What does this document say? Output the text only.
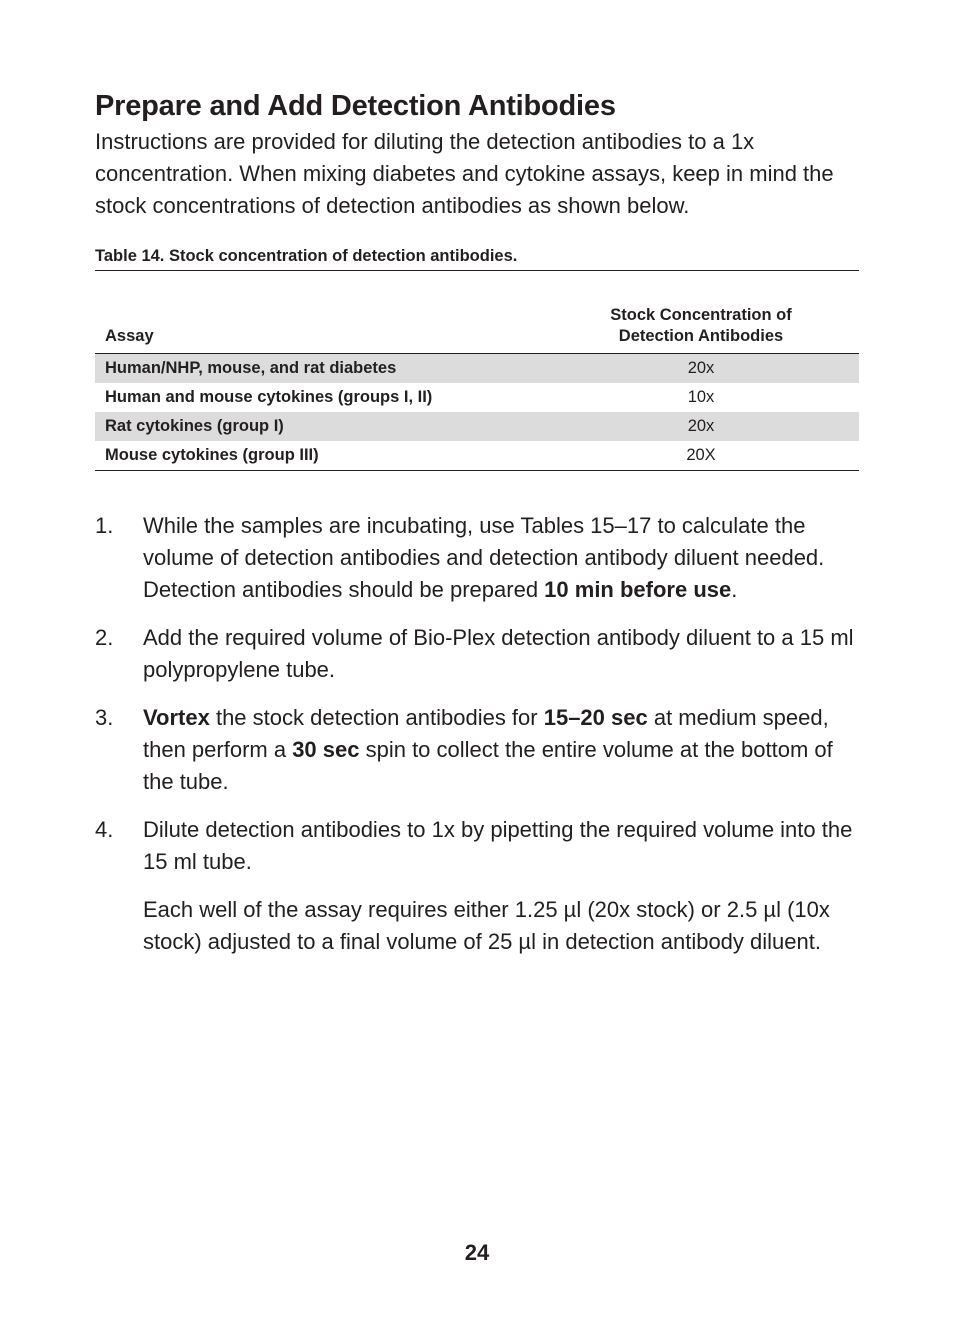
Prepare and Add Detection Antibodies

Instructions are provided for diluting the detection antibodies to a 1x concentration. When mixing diabetes and cytokine assays, keep in mind the stock concentrations of detection antibodies as shown below.

Table 14. Stock concentration of detection antibodies.
Assay	Stock Concentration of
Detection Antibodies
Human/NHP, mouse, and rat diabetes	20x
Human and mouse cytokines (groups I, II)	10x
Rat cytokines (group I)	20x
Mouse cytokines (group III)	20X
1. While the samples are incubating, use Tables 15–17 to calculate the volume of detection antibodies and detection antibody diluent needed. Detection antibodies should be prepared 10 min before use.

2. Add the required volume of Bio-Plex detection antibody diluent to a 15 ml polypropylene tube.

3. Vortex the stock detection antibodies for 15–20 sec at medium speed, then perform a 30 sec spin to collect the entire volume at the bottom of the tube.

4. Dilute detection antibodies to 1x by pipetting the required volume into the 15 ml tube.

Each well of the assay requires either 1.25 µl (20x stock) or 2.5 µl (10x stock) adjusted to a final volume of 25 µl in detection antibody diluent.

24
